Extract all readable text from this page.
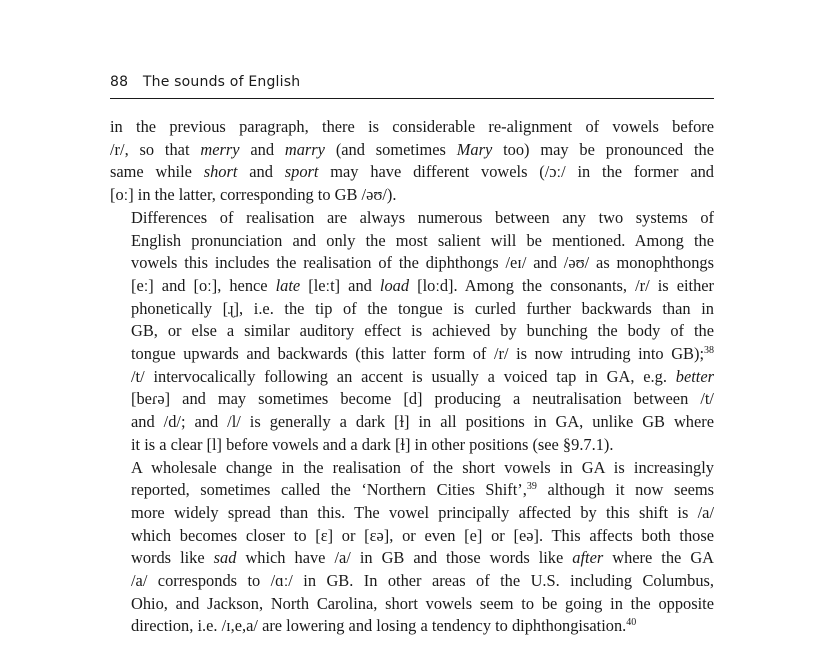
88 The sounds of English

in the previous paragraph, there is considerable re-alignment of vowels before
/r/, so that merry and marry (and sometimes Mary too) may be pronounced the
same while short and sport may have different vowels (/ɔː/ in the former and
[oː] in the latter, corresponding to GB /əʊ/).

Differences of realisation are always numerous between any two systems of
English pronunciation and only the most salient will be mentioned. Among the
vowels this includes the realisation of the diphthongs /eɪ/ and /əʊ/ as monophthongs
[eː] and [oː], hence late [leːt] and load [loːd]. Among the consonants, /r/ is either
phonetically [ɻ], i.e. the tip of the tongue is curled further backwards than in
GB, or else a similar auditory effect is achieved by bunching the body of the
tongue upwards and backwards (this latter form of /r/ is now intruding into GB);$^{38}$
/t/ intervocalically following an accent is usually a voiced tap in GA, e.g. better
[beɾə] and may sometimes become [d] producing a neutralisation between /t/
and /d/; and /l/ is generally a dark [ɫ] in all positions in GA, unlike GB where
it is a clear [l] before vowels and a dark [ɫ] in other positions (see §9.7.1).

A wholesale change in the realisation of the short vowels in GA is increasingly
reported, sometimes called the ‘Northern Cities Shift’,$^{39}$ although it now seems
more widely spread than this. The vowel principally affected by this shift is /a/
which becomes closer to [ɛ] or [ɛə], or even [e] or [eə]. This affects both those
words like sad which have /a/ in GB and those words like after where the GA
/a/ corresponds to /ɑː/ in GB. In other areas of the U.S. including Columbus,
Ohio, and Jackson, North Carolina, short vowels seem to be going in the opposite
direction, i.e. /ɪ,e,a/ are lowering and losing a tendency to diphthongisation.$^{40}$
